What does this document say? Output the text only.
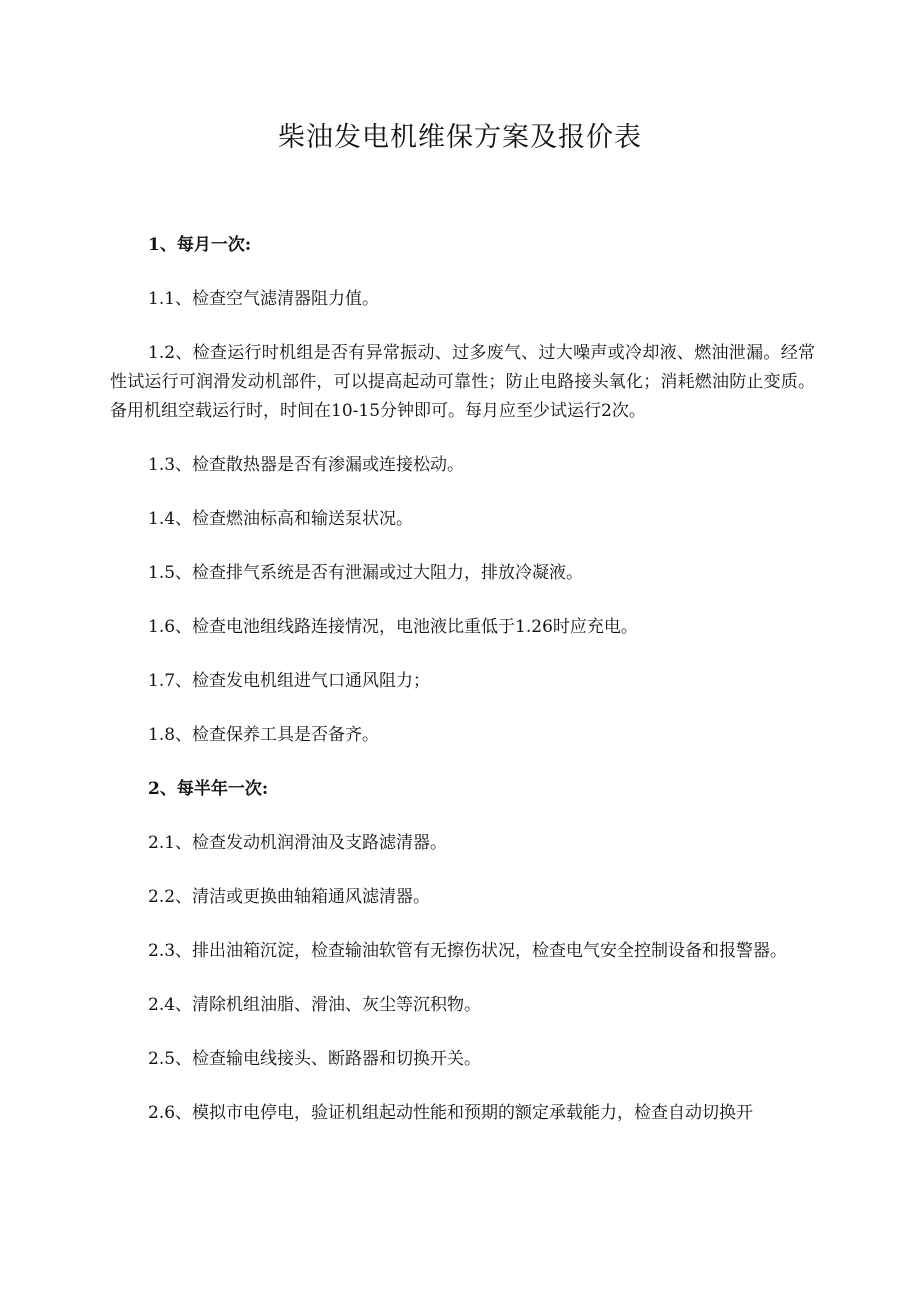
柴油发电机维保方案及报价表

1、每月一次:

1.1、检查空气滤清器阻力值。

1.2、检查运行时机组是否有异常振动、过多废气、过大噪声或冷却液、燃油泄漏。经常性试运行可润滑发动机部件，可以提高起动可靠性；防止电路接头氧化；消耗燃油防止变质。备用机组空载运行时，时间在10-15分钟即可。每月应至少试运行2次。

1.3、检查散热器是否有渗漏或连接松动。

1.4、检查燃油标高和输送泵状况。

1.5、检查排气系统是否有泄漏或过大阻力，排放冷凝液。

1.6、检查电池组线路连接情况，电池液比重低于1.26时应充电。

1.7、检查发电机组进气口通风阻力；

1.8、检查保养工具是否备齐。

2、每半年一次:

2.1、检查发动机润滑油及支路滤清器。

2.2、清洁或更换曲轴箱通风滤清器。

2.3、排出油箱沉淀，检查输油软管有无擦伤状况，检查电气安全控制设备和报警器。

2.4、清除机组油脂、滑油、灰尘等沉积物。

2.5、检查输电线接头、断路器和切换开关。

2.6、模拟市电停电，验证机组起动性能和预期的额定承载能力，检查自动切换开
